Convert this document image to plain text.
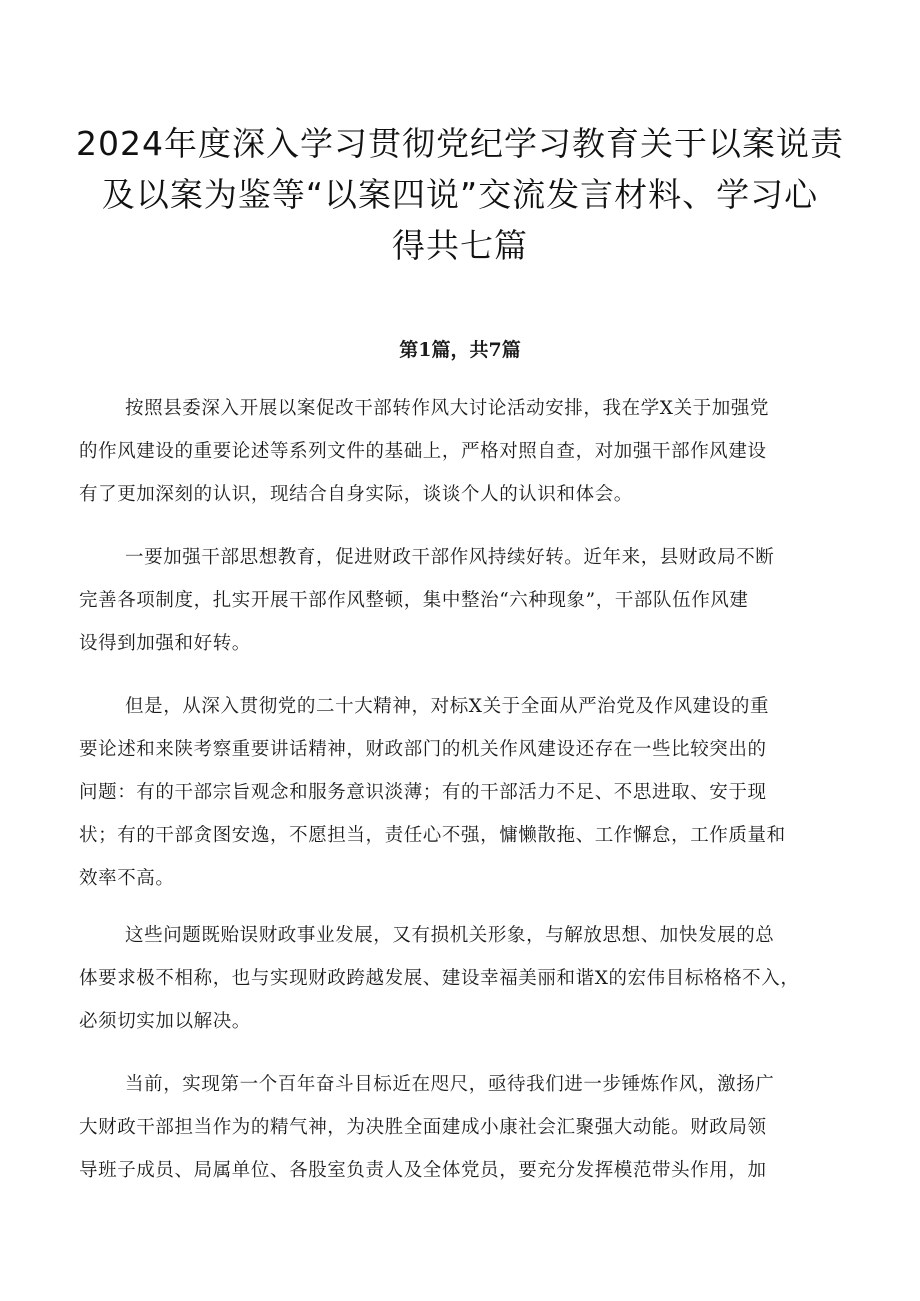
2024年度深入学习贯彻党纪学习教育关于以案说责
及以案为鉴等“以案四说”交流发言材料、学习心
得共七篇
第1篇，共7篇
按照县委深入开展以案促改干部转作风大讨论活动安排，我在学X关于加强党
的作风建设的重要论述等系列文件的基础上，严格对照自查，对加强干部作风建设
有了更加深刻的认识，现结合自身实际，谈谈个人的认识和体会。
一要加强干部思想教育，促进财政干部作风持续好转。近年来，县财政局不断
完善各项制度，扎实开展干部作风整顿，集中整治“六种现象”，干部队伍作风建
设得到加强和好转。
但是，从深入贯彻党的二十大精神，对标X关于全面从严治党及作风建设的重
要论述和来陕考察重要讲话精神，财政部门的机关作风建设还存在一些比较突出的
问题：有的干部宗旨观念和服务意识淡薄；有的干部活力不足、不思进取、安于现
状；有的干部贪图安逸，不愿担当，责任心不强，慵懒散拖、工作懈怠，工作质量和
效率不高。
这些问题既贻误财政事业发展，又有损机关形象，与解放思想、加快发展的总
体要求极不相称，也与实现财政跨越发展、建设幸福美丽和谐X的宏伟目标格格不入，
必须切实加以解决。
当前，实现第一个百年奋斗目标近在咫尺，亟待我们进一步锤炼作风，激扬广
大财政干部担当作为的精气神，为决胜全面建成小康社会汇聚强大动能。财政局领
导班子成员、局属单位、各股室负责人及全体党员，要充分发挥模范带头作用，加
